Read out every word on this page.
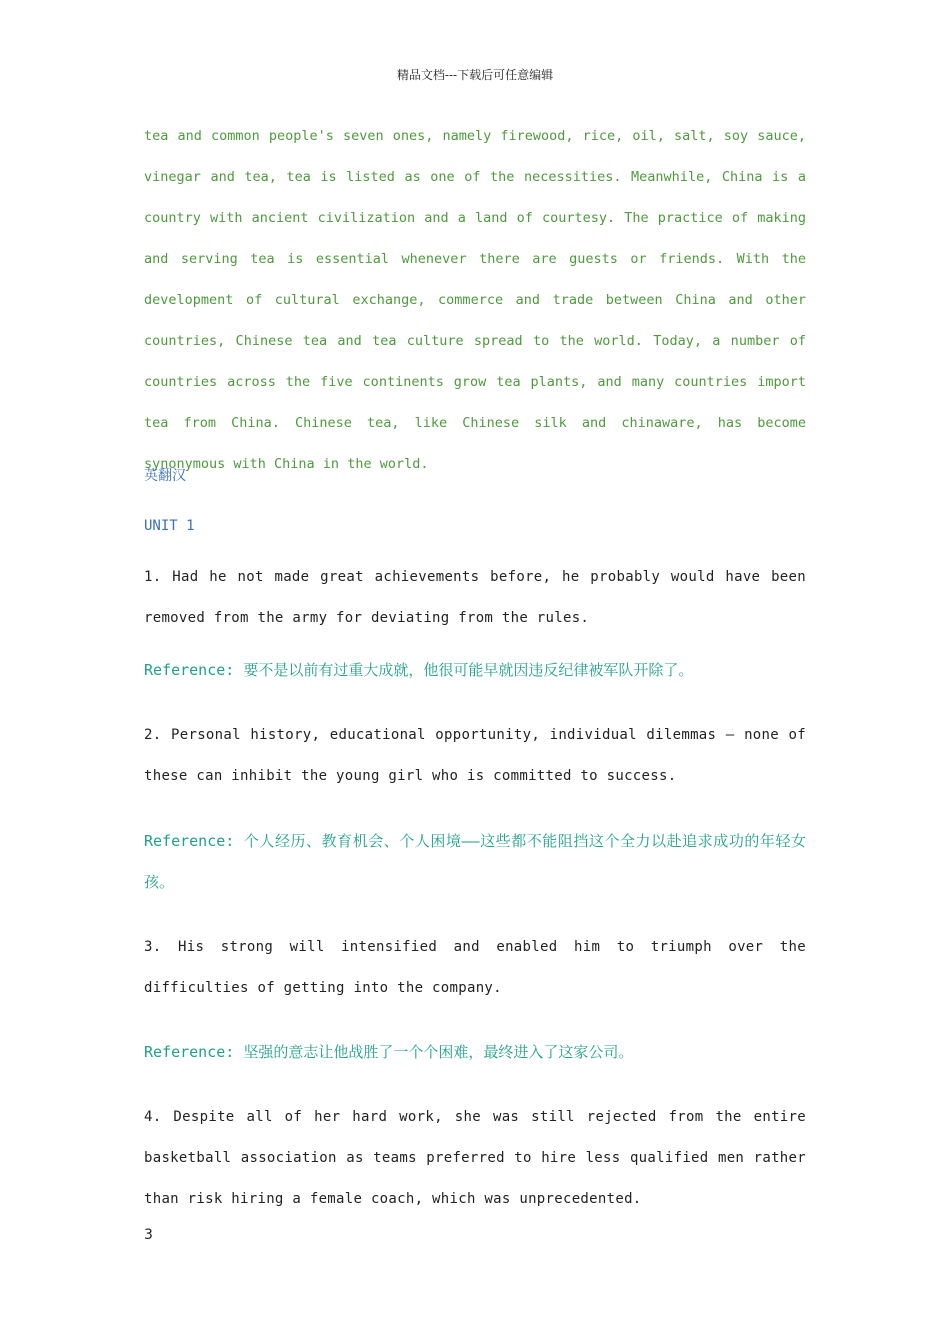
精品文档---下载后可任意编辑

tea and common people's seven ones, namely firewood, rice, oil, salt, soy sauce, vinegar and tea, tea is listed as one of the necessities. Meanwhile, China is a country with ancient civilization and a land of courtesy. The practice of making and serving tea is essential whenever there are guests or friends. With the development of cultural exchange, commerce and trade between China and other countries, Chinese tea and tea culture spread to the world. Today, a number of countries across the five continents grow tea plants, and many countries import tea from China. Chinese tea, like Chinese silk and chinaware, has become synonymous with China in the world.

英翻汉

UNIT 1

1. Had he not made great achievements before, he probably would have been removed from the army for deviating from the rules.

Reference: 要不是以前有过重大成就，他很可能早就因违反纪律被军队开除了。

2. Personal history, educational opportunity, individual dilemmas – none of these can inhibit the young girl who is committed to success.

Reference: 个人经历、教育机会、个人困境——这些都不能阻挡这个全力以赴追求成功的年轻女孩。

3. His strong will intensified and enabled him to triumph over the difficulties of getting into the company.

Reference: 坚强的意志让他战胜了一个个困难，最终进入了这家公司。

4. Despite all of her hard work, she was still rejected from the entire basketball association as teams preferred to hire less qualified men rather than risk hiring a female coach, which was unprecedented.

3
